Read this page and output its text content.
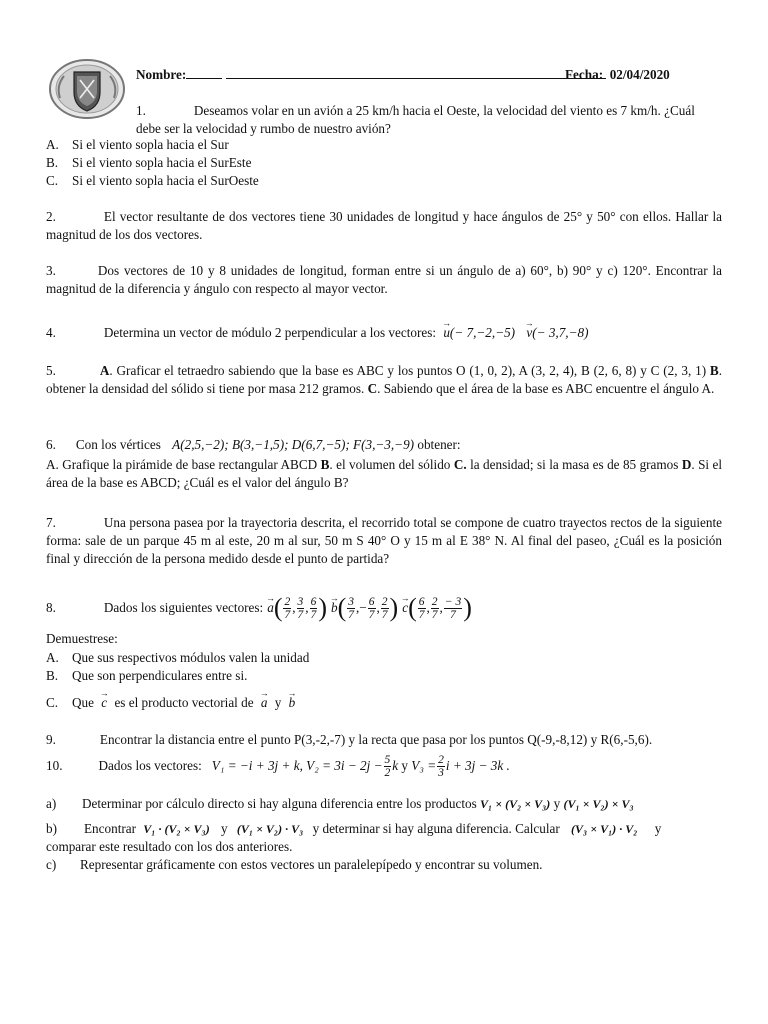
Nombre:	Fecha: 02/04/2020
1.	Deseamos volar en un avión a 25 km/h hacia el Oeste, la velocidad del viento es 7 km/h. ¿Cuál debe ser la velocidad y rumbo de nuestro avión?
A. Si el viento sopla hacia el Sur
B. Si el viento sopla hacia el SurEste
C. Si el viento sopla hacia el SurOeste
2.	El vector resultante de dos vectores tiene 30 unidades de longitud y hace ángulos de 25° y 50° con ellos. Hallar la magnitud de los dos vectores.
3.	Dos vectores de 10 y 8 unidades de longitud, forman entre si un ángulo de a) 60°, b) 90° y c) 120°. Encontrar la magnitud de la diferencia y ángulo con respecto al mayor vector.
4.	Determina un vector de módulo 2 perpendicular a los vectores: → u(− 7,−2,−5) → v(− 3,7,−8)
5.	A. Graficar el tetraedro sabiendo que la base es ABC y los puntos O (1, 0, 2), A (3, 2, 4), B (2, 6, 8) y C (2, 3, 1) B. obtener la densidad del sólido si tiene por masa 212 gramos. C. Sabiendo que el área de la base es ABC encuentre el ángulo A.
6. Con los vértices A(2,5,−2); B(3,−1,5); D(6,7,−5); F(3,−3,−9) obtener:
A. Grafique la pirámide de base rectangular ABCD B. el volumen del sólido C. la densidad; si la masa es de 85 gramos D. Si el área de la base es ABCD; ¿Cuál es el valor del ángulo B?
7.	Una persona pasea por la trayectoria descrita, el recorrido total se compone de cuatro trayectos rectos de la siguiente forma: sale de un parque 45 m al este, 20 m al sur, 50 m S 40° O y 15 m al E 38° N. Al final del paseo, ¿Cuál es la posición final y dirección de la persona medido desde el punto de partida?
8.	Dados los siguientes vectores: → a ( $\frac{2}{7}$ , $\frac{3}{7}$ , $\frac{6}{7}$ ) → b ( $\frac{3}{7}$ , − $\frac{6}{7}$ , $\frac{2}{7}$ ) → c ( $\frac{6}{7}$ , $\frac{2}{7}$ , $\frac{- 3}{7}$ )
Demuestrese:
A. Que sus respectivos módulos valen la unidad
B. Que son perpendiculares entre si.
C. Que → c es el producto vectorial de → a y → b
9.	Encontrar la distancia entre el punto P(3,-2,-7) y la recta que pasa por los puntos Q(-9,-8,12) y R(6,-5,6).
10.	Dados los vectores: V₁ = −i + 3j + k , $V_2 = 3i - 2j - \frac{5}{2}$ k
y
$V_3 = \frac{2}{3}$ i + 3j − 3k .
a) Determinar por cálculo directo si hay alguna diferencia entre los productos V₁ × (V₂ × V₃) y (V₁ × V₂) × V₃
b) Encontrar V₁ · (V₂ × V₃) y (V₁ × V₂) · V₃ y determinar si hay alguna diferencia. Calcular (V₃ × V₁) · V₂ y
comparar este resultado con los dos anteriores.
c) Representar gráficamente con estos vectores un paralelepípedo y encontrar su volumen.
